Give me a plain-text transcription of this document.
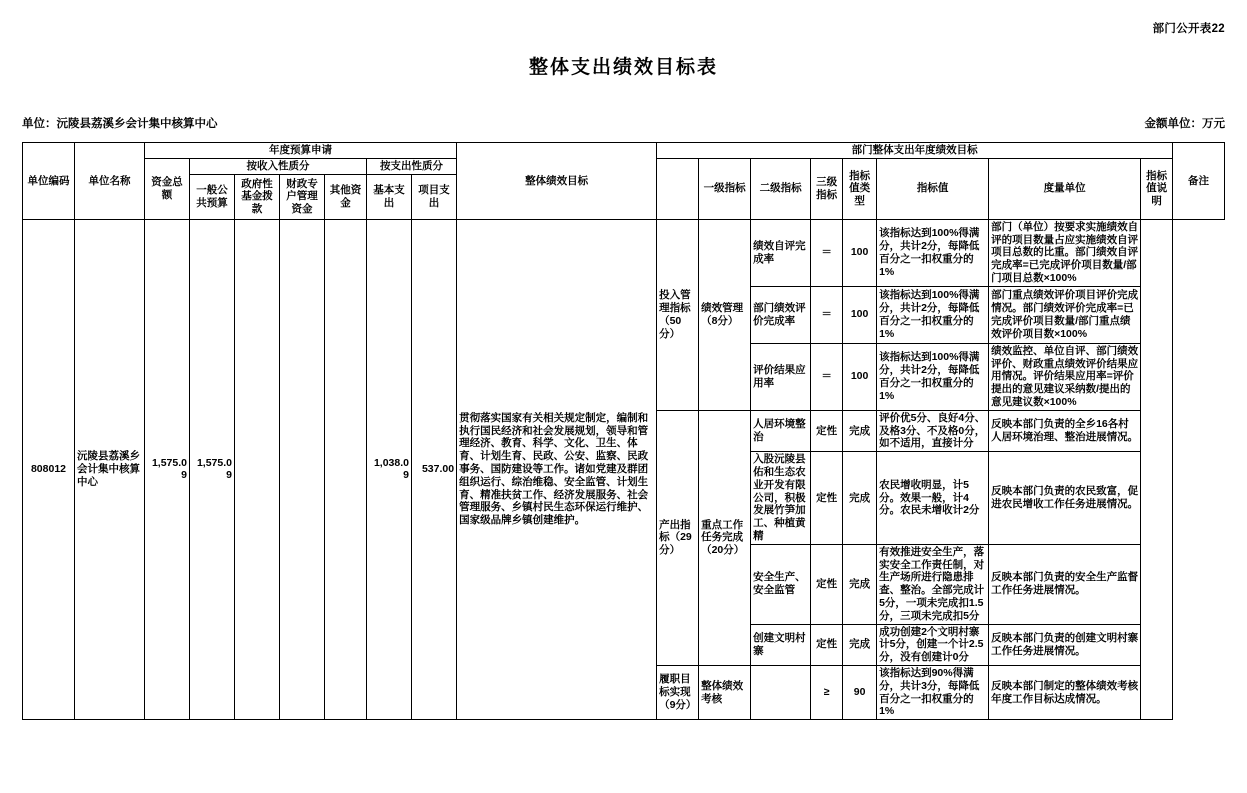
部门公开表22
整体支出绩效目标表
单位：沅陵县荔溪乡会计集中核算中心	金额单位：万元
单位编码	单位名称	年度预算申请							整体绩效目标	部门整体支出年度绩效目标								备注
		资金总额	按收入性质分				按支出性质分				一级指标	二级指标	三级指标	指标值类型	指标值	度量单位	指标值说明	
			一般公共预算	政府性基金拨款	财政专户管理资金	其他资金	基本支出	项目支出										

808012	沅陵县荔溪乡会计集中核算中心	1,575.09	1,575.09				1,038.09	537.00	贯彻落实国家有关相关规定制定，编制和执行国民经济和社会发展规划，领导和管理经济、教育、科学、文化、卫生、体育、计划生育、民政、公安、监察、民政事务、国防建设等工作。诸如党建及群团组织运行、综治维稳、安全监管、计划生育、精准扶贫工作、经济发展服务、社会管理服务、乡镇村民生态环保运行维护、国家级品牌乡镇创建维护。	投入管理指标（50分）	绩效管理（8分）	绩效自评完成率	＝	100	该指标达到100%得满分，共计2分，每降低百分之一扣权重分的1%	部门（单位）按要求实施绩效自评的项目数量占应实施绩效自评项目总数的比重。部门绩效自评完成率=已完成评价项目数量/部门项目总数×100%		
												部门绩效评价完成率	＝	100	该指标达到100%得满分，共计2分，每降低百分之一扣权重分的1%	部门重点绩效评价项目评价完成情况。部门绩效评价完成率=已完成评价项目数量/部门重点绩效评价项目数×100%		
												评价结果应用率	＝	100	该指标达到100%得满分，共计2分，每降低百分之一扣权重分的1%	绩效监控、单位自评、部门绩效评价、财政重点绩效评价结果应用情况。评价结果应用率=评价提出的意见建议采纳数/提出的意见建议数×100%		
										产出指标（29分）	重点工作任务完成（20分）	人居环境整治	定性	完成	评价优5分、良好4分、及格3分、不及格0分，如不适用，直接计分	反映本部门负责的全乡16各村人居环境治理、整治进展情况。		
												入股沅陵县佑和生态农业开发有限公司，积极发展竹笋加工、种植黄精	定性	完成	农民增收明显，计5分。效果一般，计4分。农民未增收计2分	反映本部门负责的农民致富，促进农民增收工作任务进展情况。		
												安全生产、安全监管	定性	完成	有效推进安全生产，落实安全工作责任制，对生产场所进行隐患排查、整治。全部完成计5分，一项未完成扣1.5分，三项未完成扣5分	反映本部门负责的安全生产监督工作任务进展情况。		
												创建文明村寨	定性	完成	成功创建2个文明村寨计5分，创建一个计2.5分，没有创建计0分	反映本部门负责的创建文明村寨工作任务进展情况。		
										履职目标实现（9分）	整体绩效考核		≥	90	该指标达到90%得满分，共计3分，每降低百分之一扣权重分的1%	反映本部门制定的整体绩效考核年度工作目标达成情况。		
